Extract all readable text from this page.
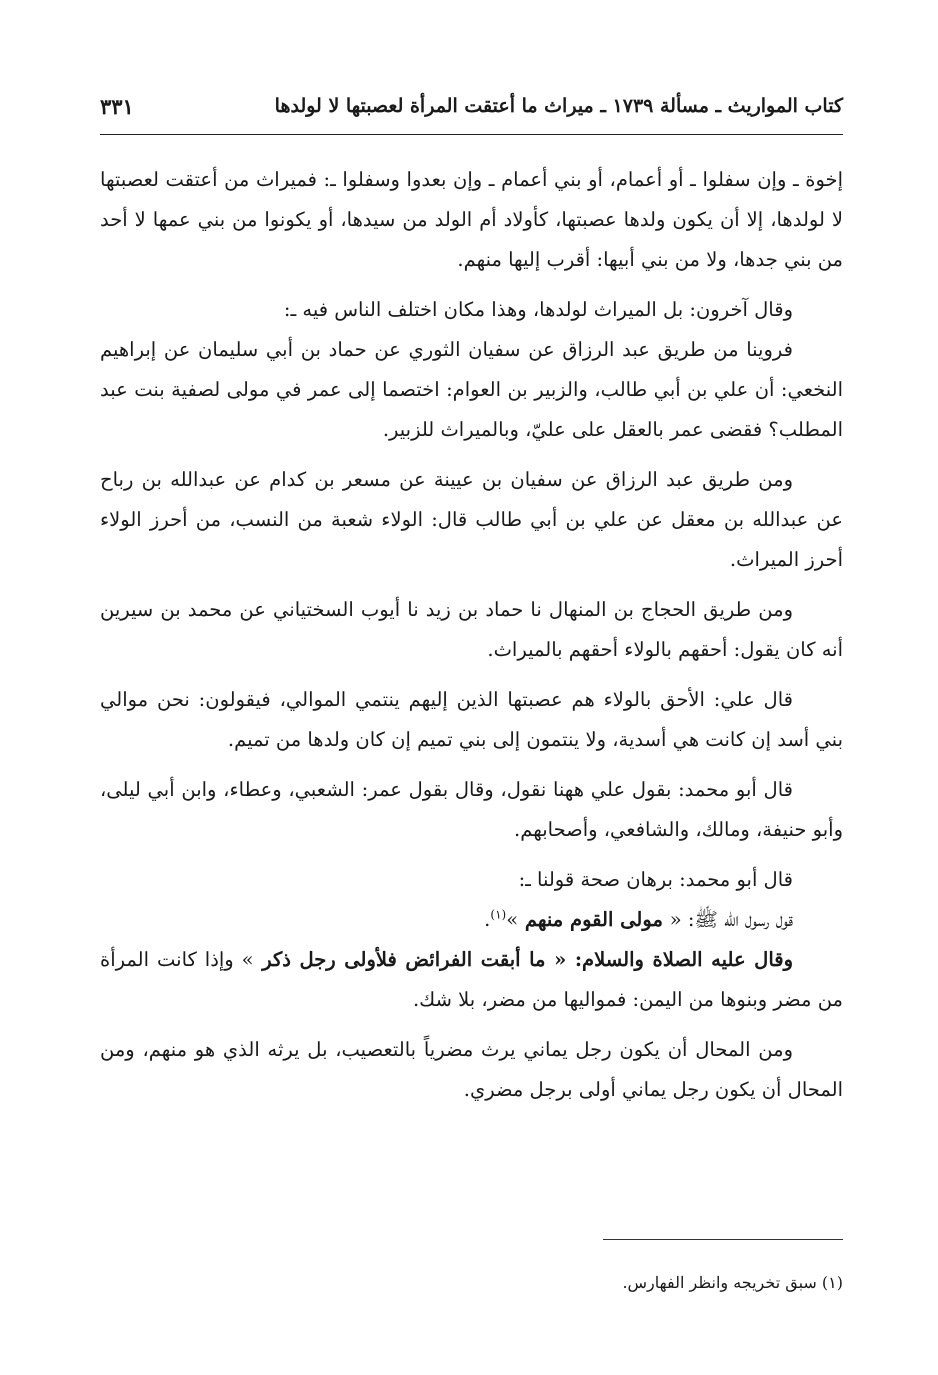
كتاب المواريث ـ مسألة ١٧٣٩ ـ ميراث ما أعتقت المرأة لعصبتها لا لولدها
٣٣١

إخوة ـ وإن سفلوا ـ أو أعمام، أو بني أعمام ـ وإن بعدوا وسفلوا ـ: فميراث من أعتقت لعصبتها لا لولدها، إلا أن يكون ولدها عصبتها، كأولاد أم الولد من سيدها، أو يكونوا من بني عمها لا أحد من بني جدها، ولا من بني أبيها: أقرب إليها منهم.

وقال آخرون: بل الميراث لولدها، وهذا مكان اختلف الناس فيه ـ:

فروينا من طريق عبد الرزاق عن سفيان الثوري عن حماد بن أبي سليمان عن إبراهيم النخعي: أن علي بن أبي طالب، والزبير بن العوام: اختصما إلى عمر في مولى لصفية بنت عبد المطلب؟ فقضى عمر بالعقل على عليّ، وبالميراث للزبير.

ومن طريق عبد الرزاق عن سفيان بن عيينة عن مسعر بن كدام عن عبدالله بن رباح عن عبدالله بن معقل عن علي بن أبي طالب قال: الولاء شعبة من النسب، من أحرز الولاء أحرز الميراث.

ومن طريق الحجاج بن المنهال نا حماد بن زيد نا أيوب السختياني عن محمد بن سيرين أنه كان يقول: أحقهم بالولاء أحقهم بالميراث.

قال علي: الأحق بالولاء هم عصبتها الذين إليهم ينتمي الموالي، فيقولون: نحن موالي بني أسد إن كانت هي أسدية، ولا ينتمون إلى بني تميم إن كان ولدها من تميم.

قال أبو محمد: بقول علي ههنا نقول، وقال بقول عمر: الشعبي، وعطاء، وابن أبي ليلى، وأبو حنيفة، ومالك، والشافعي، وأصحابهم.

قال أبو محمد: برهان صحة قولنا ـ:

قول رسول الله ﷺ: « مولى القوم منهم »$^{(١)}$.

وقال عليه الصلاة والسلام: « ما أبقت الفرائض فلأولى رجل ذكر » وإذا كانت المرأة من مضر وبنوها من اليمن: فمواليها من مضر، بلا شك.

ومن المحال أن يكون رجل يماني يرث مضرياً بالتعصيب، بل يرثه الذي هو منهم، ومن المحال أن يكون رجل يماني أولى برجل مضري.

(١) سبق تخريجه وانظر الفهارس.
